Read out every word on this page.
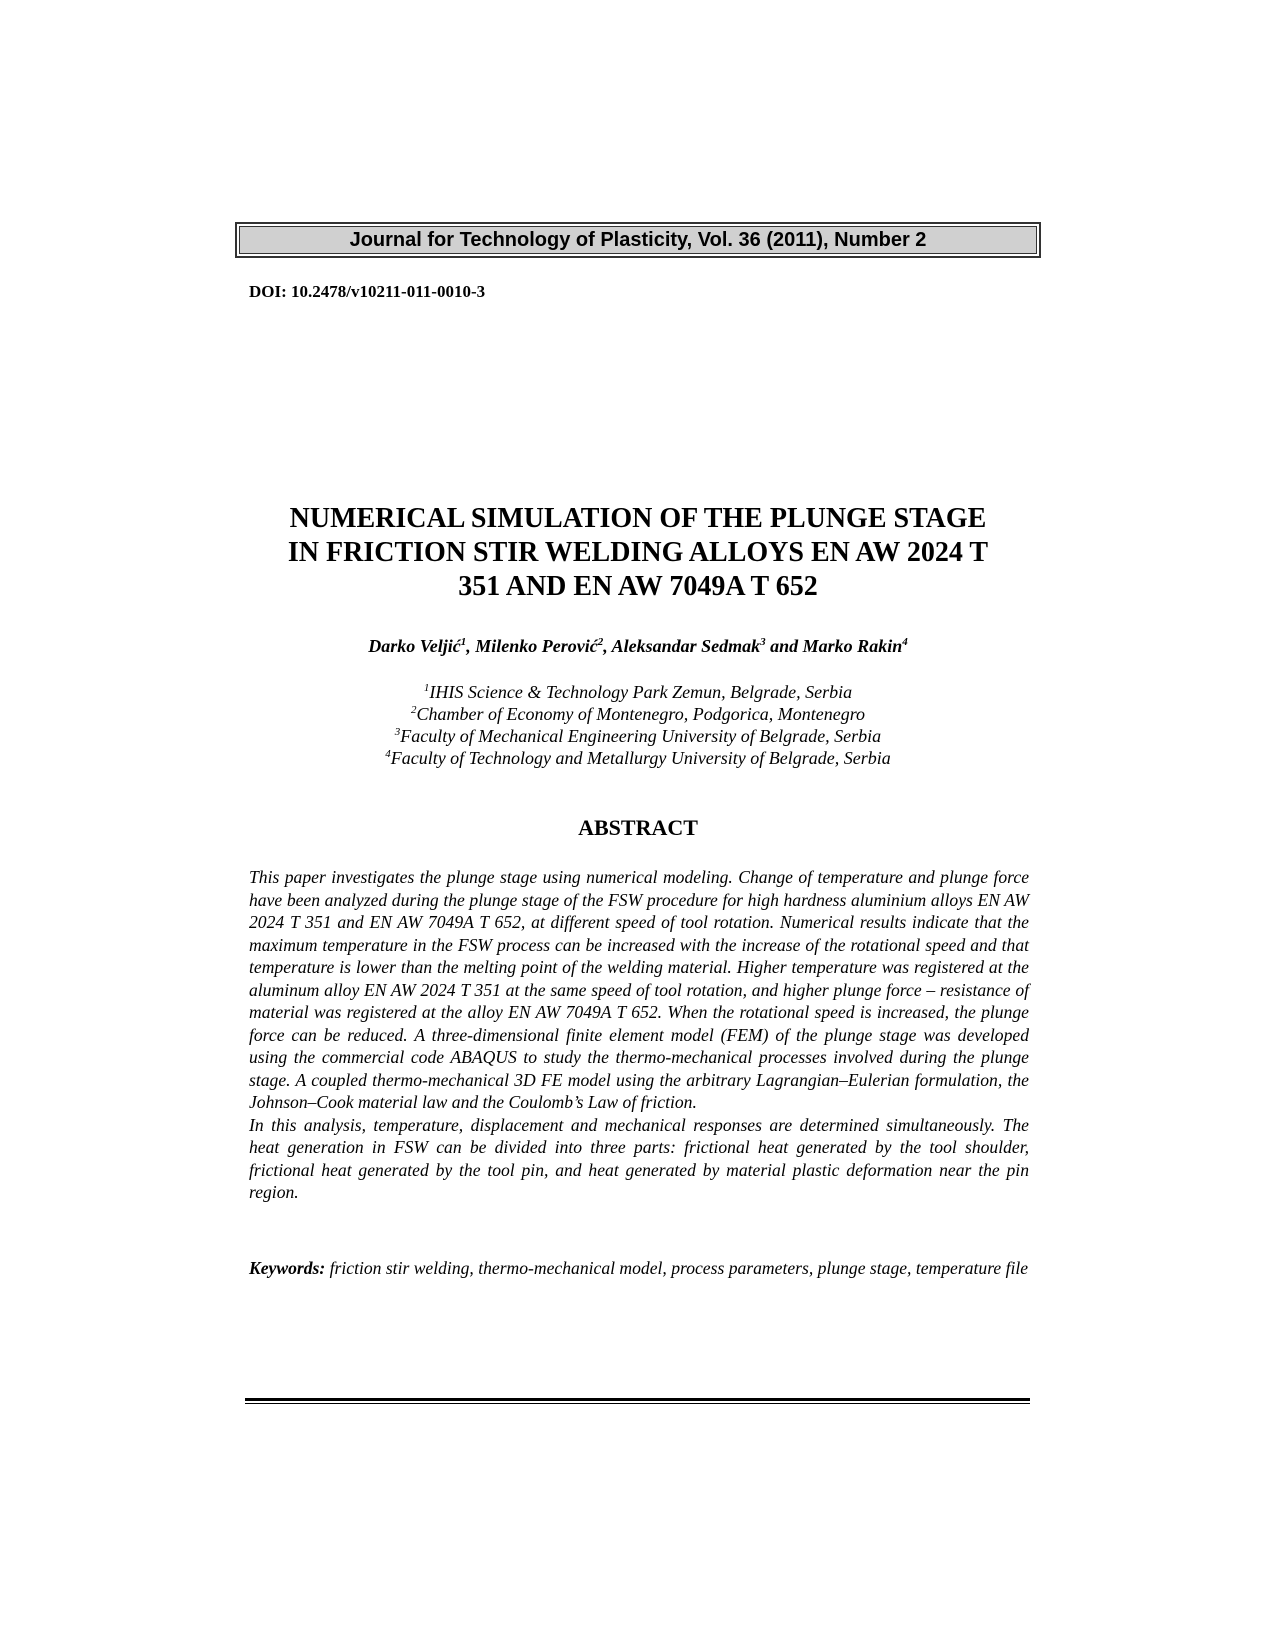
Journal for Technology of Plasticity, Vol. 36 (2011), Number 2
DOI: 10.2478/v10211-011-0010-3
NUMERICAL SIMULATION OF THE PLUNGE STAGE
IN FRICTION STIR WELDING ALLOYS EN AW 2024 T
351 AND EN AW 7049A T 652
Darko Veljić$^1$, Milenko Perović$^2$, Aleksandar Sedmak$^3$ and Marko Rakin$^4$
$^1$IHIS Science & Technology Park Zemun, Belgrade, Serbia
$^2$Chamber of Economy of Montenegro, Podgorica, Montenegro
$^3$Faculty of Mechanical Engineering University of Belgrade, Serbia
$^4$Faculty of Technology and Metallurgy University of Belgrade, Serbia
ABSTRACT

This paper investigates the plunge stage using numerical modeling. Change of temperature and plunge force have been analyzed during the plunge stage of the FSW procedure for high hardness aluminium alloys EN AW 2024 T 351 and EN AW 7049A T 652, at different speed of tool rotation. Numerical results indicate that the maximum temperature in the FSW process can be increased with the increase of the rotational speed and that temperature is lower than the melting point of the welding material. Higher temperature was registered at the aluminum alloy EN AW 2024 T 351 at the same speed of tool rotation, and higher plunge force – resistance of material was registered at the alloy EN AW 7049A T 652. When the rotational speed is increased, the plunge force can be reduced. A three-dimensional finite element model (FEM) of the plunge stage was developed using the commercial code ABAQUS to study the thermo-mechanical processes involved during the plunge stage. A coupled thermo-mechanical 3D FE model using the arbitrary Lagrangian–Eulerian formulation, the Johnson–Cook material law and the Coulomb’s Law of friction.

In this analysis, temperature, displacement and mechanical responses are determined simultaneously. The heat generation in FSW can be divided into three parts: frictional heat generated by the tool shoulder, frictional heat generated by the tool pin, and heat generated by material plastic deformation near the pin region.

Keywords: friction stir welding, thermo-mechanical model, process parameters, plunge stage, temperature file
